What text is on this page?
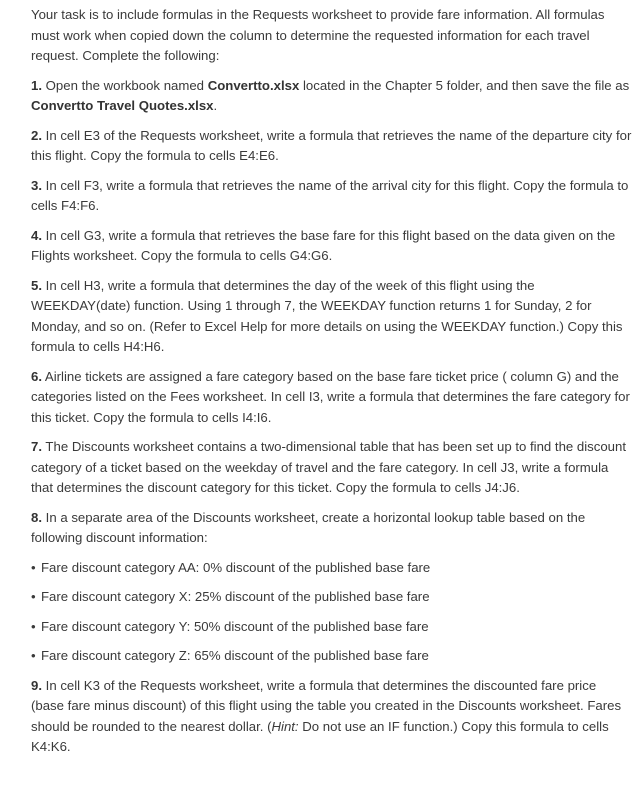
Your task is to include formulas in the Requests worksheet to provide fare information. All formulas must work when copied down the column to determine the requested information for each travel request. Complete the following:

1. Open the workbook named Convertto.xlsx located in the Chapter 5 folder, and then save the file as Convertto Travel Quotes.xlsx.

2. In cell E3 of the Requests worksheet, write a formula that retrieves the name of the departure city for this flight. Copy the formula to cells E4:E6.

3. In cell F3, write a formula that retrieves the name of the arrival city for this flight. Copy the formula to cells F4:F6.

4. In cell G3, write a formula that retrieves the base fare for this flight based on the data given on the Flights worksheet. Copy the formula to cells G4:G6.

5. In cell H3, write a formula that determines the day of the week of this flight using the WEEKDAY(date) function. Using 1 through 7, the WEEKDAY function returns 1 for Sunday, 2 for Monday, and so on. (Refer to Excel Help for more details on using the WEEKDAY function.) Copy this formula to cells H4:H6.

6. Airline tickets are assigned a fare category based on the base fare ticket price ( column G) and the categories listed on the Fees worksheet. In cell I3, write a formula that determines the fare category for this ticket. Copy the formula to cells I4:I6.

7. The Discounts worksheet contains a two-dimensional table that has been set up to find the discount category of a ticket based on the weekday of travel and the fare category. In cell J3, write a formula that determines the discount category for this ticket. Copy the formula to cells J4:J6.

8. In a separate area of the Discounts worksheet, create a horizontal lookup table based on the following discount information:

• Fare discount category AA: 0% discount of the published base fare

• Fare discount category X: 25% discount of the published base fare

• Fare discount category Y: 50% discount of the published base fare

• Fare discount category Z: 65% discount of the published base fare

9. In cell K3 of the Requests worksheet, write a formula that determines the discounted fare price (base fare minus discount) of this flight using the table you created in the Discounts worksheet. Fares should be rounded to the nearest dollar. (Hint: Do not use an IF function.) Copy this formula to cells K4:K6.
